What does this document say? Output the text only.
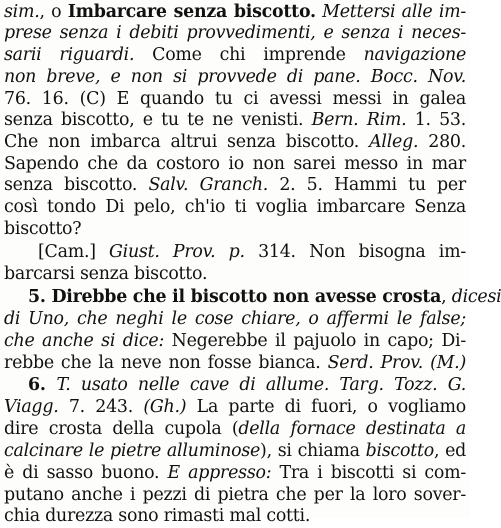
sim., o Imbarcare senza biscotto. Mettersi alle im-
prese senza i debiti provvedimenti, e senza i neces-
sarii riguardi. Come chi imprende navigazione
non breve, e non si provvede di pane. Bocc. Nov.
76. 16. (C) E quando tu ci avessi messi in galea
senza biscotto, e tu te ne venisti. Bern. Rim. 1. 53.
Che non imbarca altrui senza biscotto. Alleg. 280.
Sapendo che da costoro io non sarei messo in mar
senza biscotto. Salv. Granch. 2. 5. Hammi tu per
così tondo Di pelo, ch'io ti voglia imbarcare Senza
biscotto?
[Cam.] Giust. Prov. p. 314. Non bisogna im-
barcarsi senza biscotto.
5. Direbbe che il biscotto non avesse crosta, dicesi
di Uno, che neghi le cose chiare, o affermi le false;
che anche si dice: Negerebbe il pajuolo in capo; Di-
rebbe che la neve non fosse bianca. Serd. Prov. (M.)
6. T. usato nelle cave di allume. Targ. Tozz. G.
Viagg. 7. 243. (Gh.) La parte di fuori, o vogliamo
dire crosta della cupola (della fornace destinata a
calcinare le pietre alluminose), si chiama biscotto, ed
è di sasso buono. E appresso: Tra i biscotti si com-
putano anche i pezzi di pietra che per la loro sover-
chia durezza sono rimasti mal cotti.
